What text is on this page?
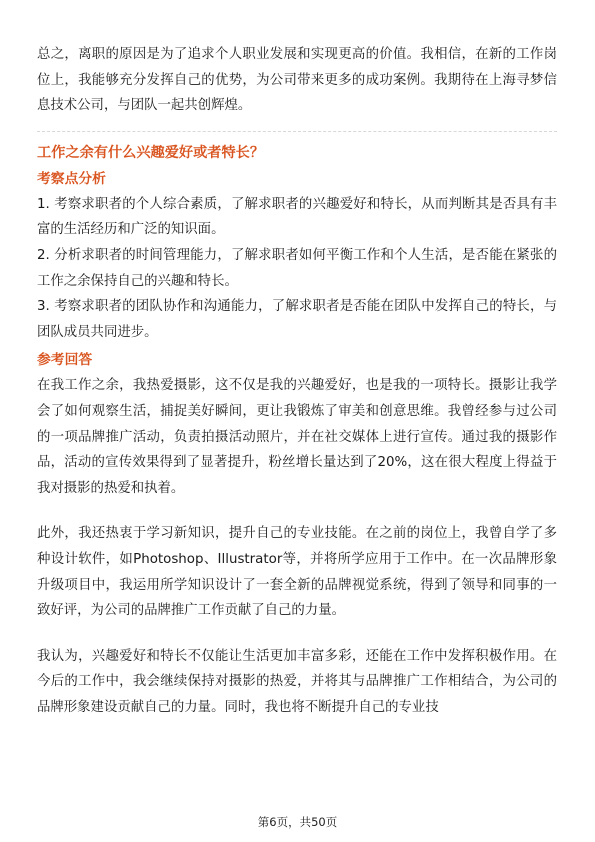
总之，离职的原因是为了追求个人职业发展和实现更高的价值。我相信，在新的工作岗位上，我能够充分发挥自己的优势，为公司带来更多的成功案例。我期待在上海寻梦信息技术公司，与团队一起共创辉煌。

工作之余有什么兴趣爱好或者特长？
考察点分析

1. 考察求职者的个人综合素质，了解求职者的兴趣爱好和特长，从而判断其是否具有丰富的生活经历和广泛的知识面。

2. 分析求职者的时间管理能力，了解求职者如何平衡工作和个人生活，是否能在紧张的工作之余保持自己的兴趣和特长。

3. 考察求职者的团队协作和沟通能力，了解求职者是否能在团队中发挥自己的特长，与团队成员共同进步。

参考回答

在我工作之余，我热爱摄影，这不仅是我的兴趣爱好，也是我的一项特长。摄影让我学会了如何观察生活，捕捉美好瞬间，更让我锻炼了审美和创意思维。我曾经参与过公司的一项品牌推广活动，负责拍摄活动照片，并在社交媒体上进行宣传。通过我的摄影作品，活动的宣传效果得到了显著提升，粉丝增长量达到了20%，这在很大程度上得益于我对摄影的热爱和执着。

此外，我还热衷于学习新知识，提升自己的专业技能。在之前的岗位上，我曾自学了多种设计软件，如Photoshop、Illustrator等，并将所学应用于工作中。在一次品牌形象升级项目中，我运用所学知识设计了一套全新的品牌视觉系统，得到了领导和同事的一致好评，为公司的品牌推广工作贡献了自己的力量。

我认为，兴趣爱好和特长不仅能让生活更加丰富多彩，还能在工作中发挥积极作用。在今后的工作中，我会继续保持对摄影的热爱，并将其与品牌推广工作相结合，为公司的品牌形象建设贡献自己的力量。同时，我也将不断提升自己的专业技

第6页，共50页
